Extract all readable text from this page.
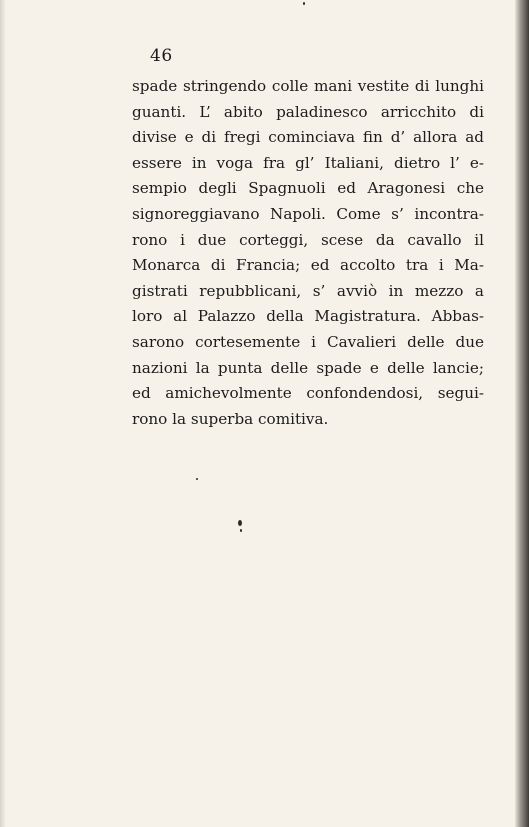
46
spade stringendo colle mani vestite di lunghi
guanti. L’ abito paladinesco arricchito di
divise e di fregi cominciava fin d’ allora ad
essere in voga fra gl’ Italiani, dietro l’ e-
sempio degli Spagnuoli ed Aragonesi che
signoreggiavano Napoli. Come s’ incontra-
rono i due corteggi, scese da cavallo il
Monarca di Francia; ed accolto tra i Ma-
gistrati repubblicani, s’ avviò in mezzo a
loro al Palazzo della Magistratura. Abbas-
sarono cortesemente i Cavalieri delle due
nazioni la punta delle spade e delle lancie;
ed amichevolmente confondendosi, segui-
rono la superba comitiva.
